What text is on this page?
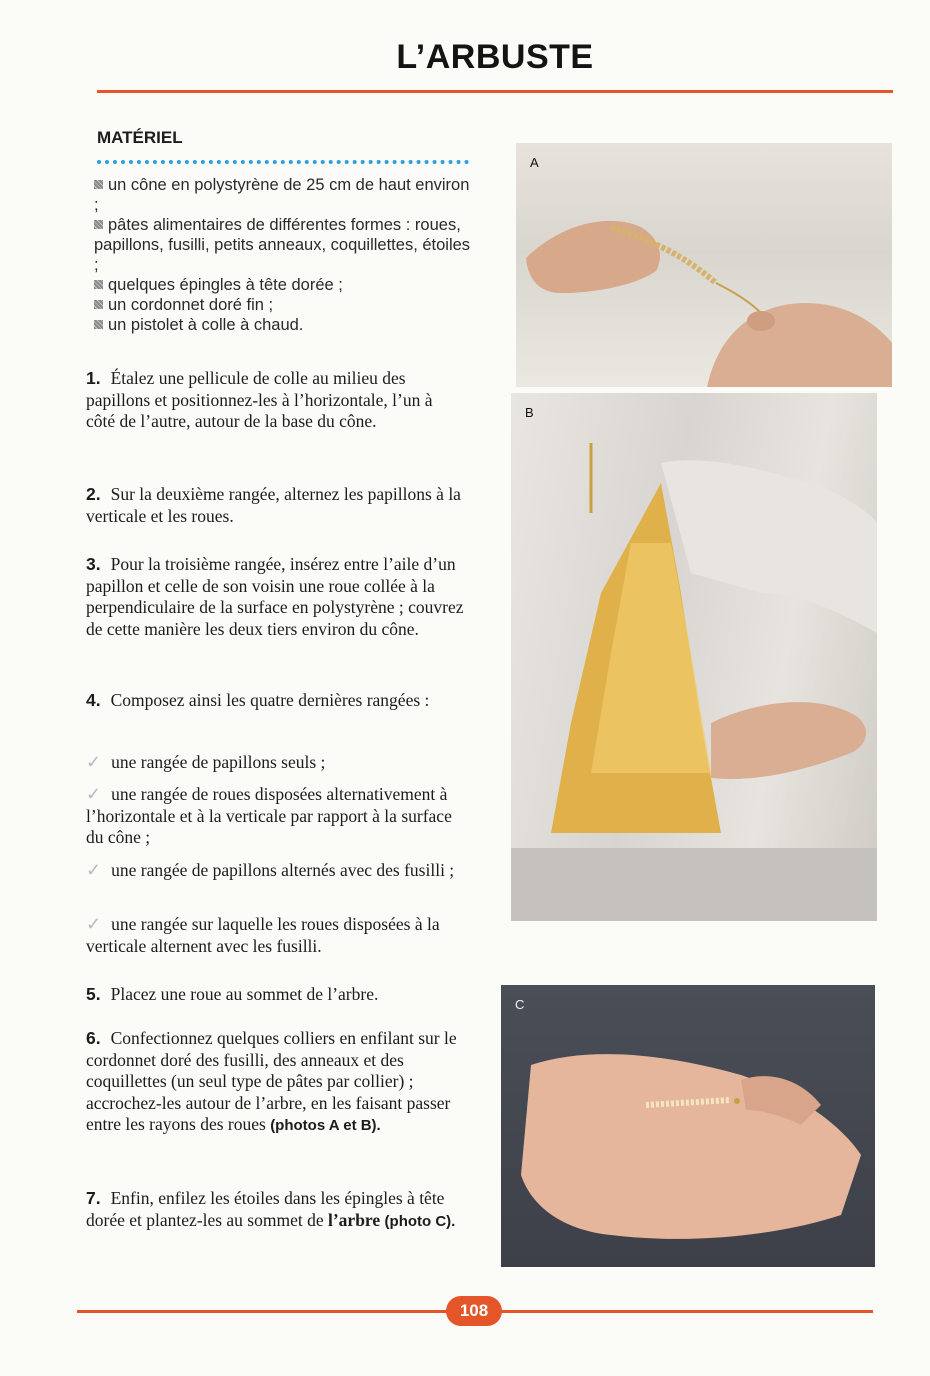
L’ARBUSTE
MATÉRIEL
un cône en polystyrène de 25 cm de haut environ ;
pâtes alimentaires de différentes formes : roues, papillons, fusilli, petits anneaux, coquillettes, étoiles ;
quelques épingles à tête dorée ;
un cordonnet doré fin ;
un pistolet à colle à chaud.
1. Étalez une pellicule de colle au milieu des papillons et positionnez-les à l’horizontale, l’un à côté de l’autre, autour de la base du cône.
2. Sur la deuxième rangée, alternez les papillons à la verticale et les roues.
3. Pour la troisième rangée, insérez entre l’aile d’un papillon et celle de son voisin une roue collée à la perpendiculaire de la surface en polystyrène ; couvrez de cette manière les deux tiers environ du cône.
4. Composez ainsi les quatre dernières rangées :
✓ une rangée de papillons seuls ;
✓ une rangée de roues disposées alternativement à l’horizontale et à la verticale par rapport à la surface du cône ;
✓ une rangée de papillons alternés avec des fusilli ;
✓ une rangée sur laquelle les roues disposées à la verticale alternent avec les fusilli.
5. Placez une roue au sommet de l’arbre.
6. Confectionnez quelques colliers en enfilant sur le cordonnet doré des fusilli, des anneaux et des coquillettes (un seul type de pâtes par collier) ; accrochez-les autour de l’arbre, en les faisant passer entre les rayons des roues (photos A et B).
7. Enfin, enfilez les étoiles dans les épingles à tête dorée et plantez-les au sommet de l’arbre (photo C).
A
B
C
108
